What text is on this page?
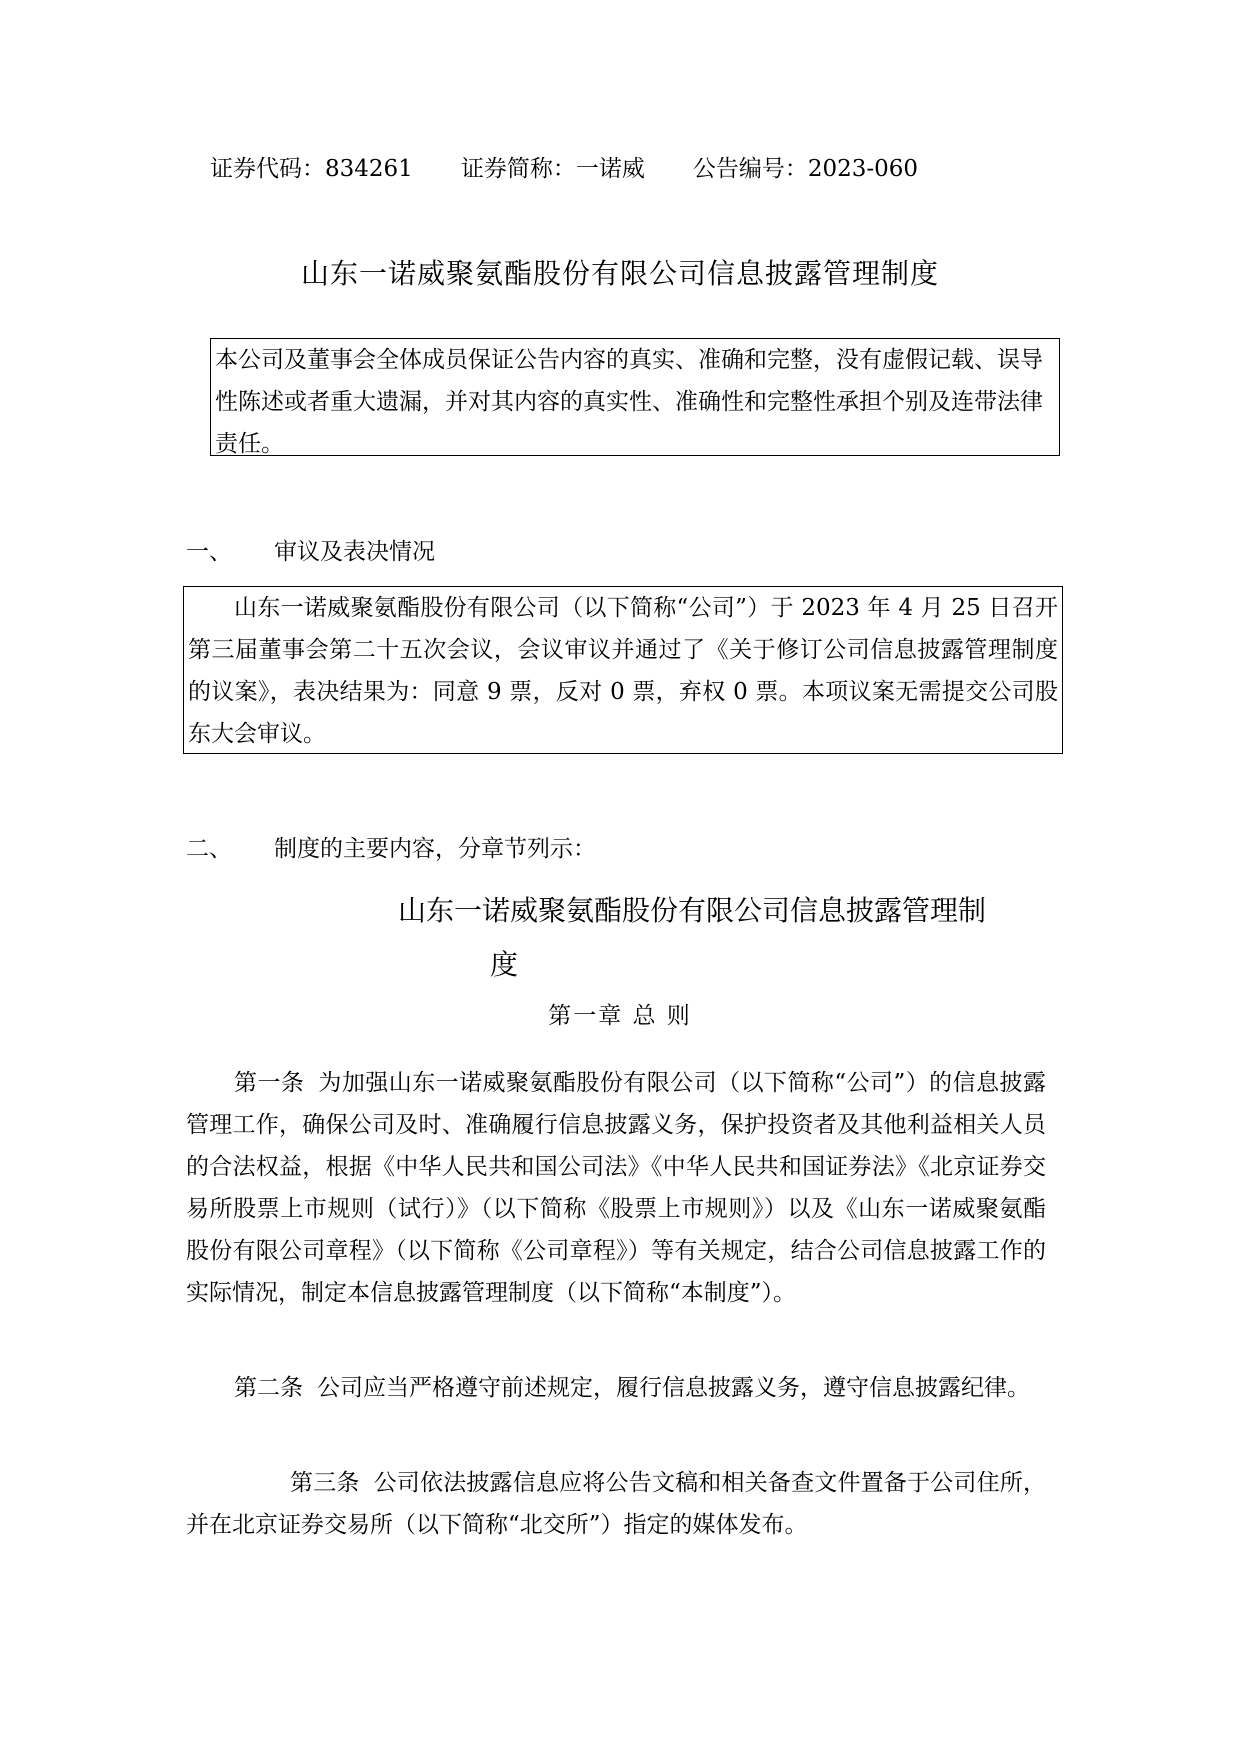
证券代码：834261 证券简称：一诺威 公告编号：2023-060
山东一诺威聚氨酯股份有限公司信息披露管理制度
本公司及董事会全体成员保证公告内容的真实、准确和完整，没有虚假记载、误导性陈述或者重大遗漏，并对其内容的真实性、准确性和完整性承担个别及连带法律责任。
一、 审议及表决情况
山东一诺威聚氨酯股份有限公司（以下简称“公司”）于 2023 年 4 月 25 日召开第三届董事会第二十五次会议，会议审议并通过了《关于修订公司信息披露管理制度的议案》，表决结果为：同意 9 票，反对 0 票，弃权 0 票。本项议案无需提交公司股东大会审议。
二、 制度的主要内容，分章节列示：
山东一诺威聚氨酯股份有限公司信息披露管理制
度
第一章 总 则
第一条 为加强山东一诺威聚氨酯股份有限公司（以下简称“公司”）的信息披露管理工作，确保公司及时、准确履行信息披露义务，保护投资者及其他利益相关人员的合法权益，根据《中华人民共和国公司法》《中华人民共和国证券法》《北京证券交易所股票上市规则（试行）》（以下简称《股票上市规则》）以及《山东一诺威聚氨酯股份有限公司章程》（以下简称《公司章程》）等有关规定，结合公司信息披露工作的实际情况，制定本信息披露管理制度（以下简称“本制度”）。
第二条 公司应当严格遵守前述规定，履行信息披露义务，遵守信息披露纪律。
第三条 公司依法披露信息应将公告文稿和相关备查文件置备于公司住所，并在北京证券交易所（以下简称“北交所”）指定的媒体发布。
